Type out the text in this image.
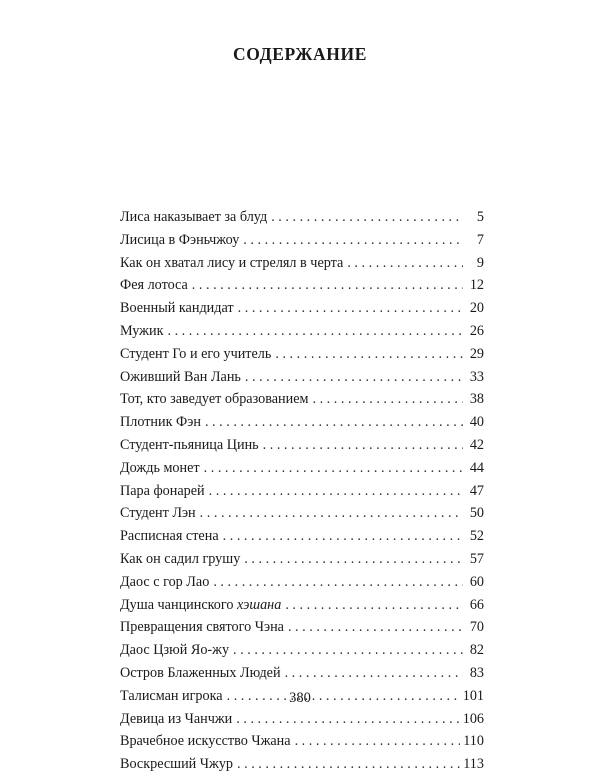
СОДЕРЖАНИЕ
Лиса наказывает за блуд . . .	5
Лисица в Фэньчжоу . . .	7
Как он хватал лису и стрелял в черта . . .	9
Фея лотоса . . .	12
Военный кандидат . . .	20
Мужик . . .	26
Студент Го и его учитель . . .	29
Оживший Ван Лань . . .	33
Тот, кто заведует образованием . . .	38
Плотник Фэн . . .	40
Студент-пьяница Цинь . . .	42
Дождь монет . . .	44
Пара фонарей . . .	47
Студент Лэн . . .	50
Расписная стена . . .	52
Как он садил грушу . . .	57
Даос с гор Лао . . .	60
Душа чанцинского хэшана . . .	66
Превращения святого Чэна . . .	70
Даос Цзюй Яо-жу . . .	82
Остров Блаженных Людей . . .	83
Талисман игрока . . .	101
Девица из Чанчжи . . .	106
Врачебное искусство Чжана . . .	110
Воскресший Чжур . . .	113
380
